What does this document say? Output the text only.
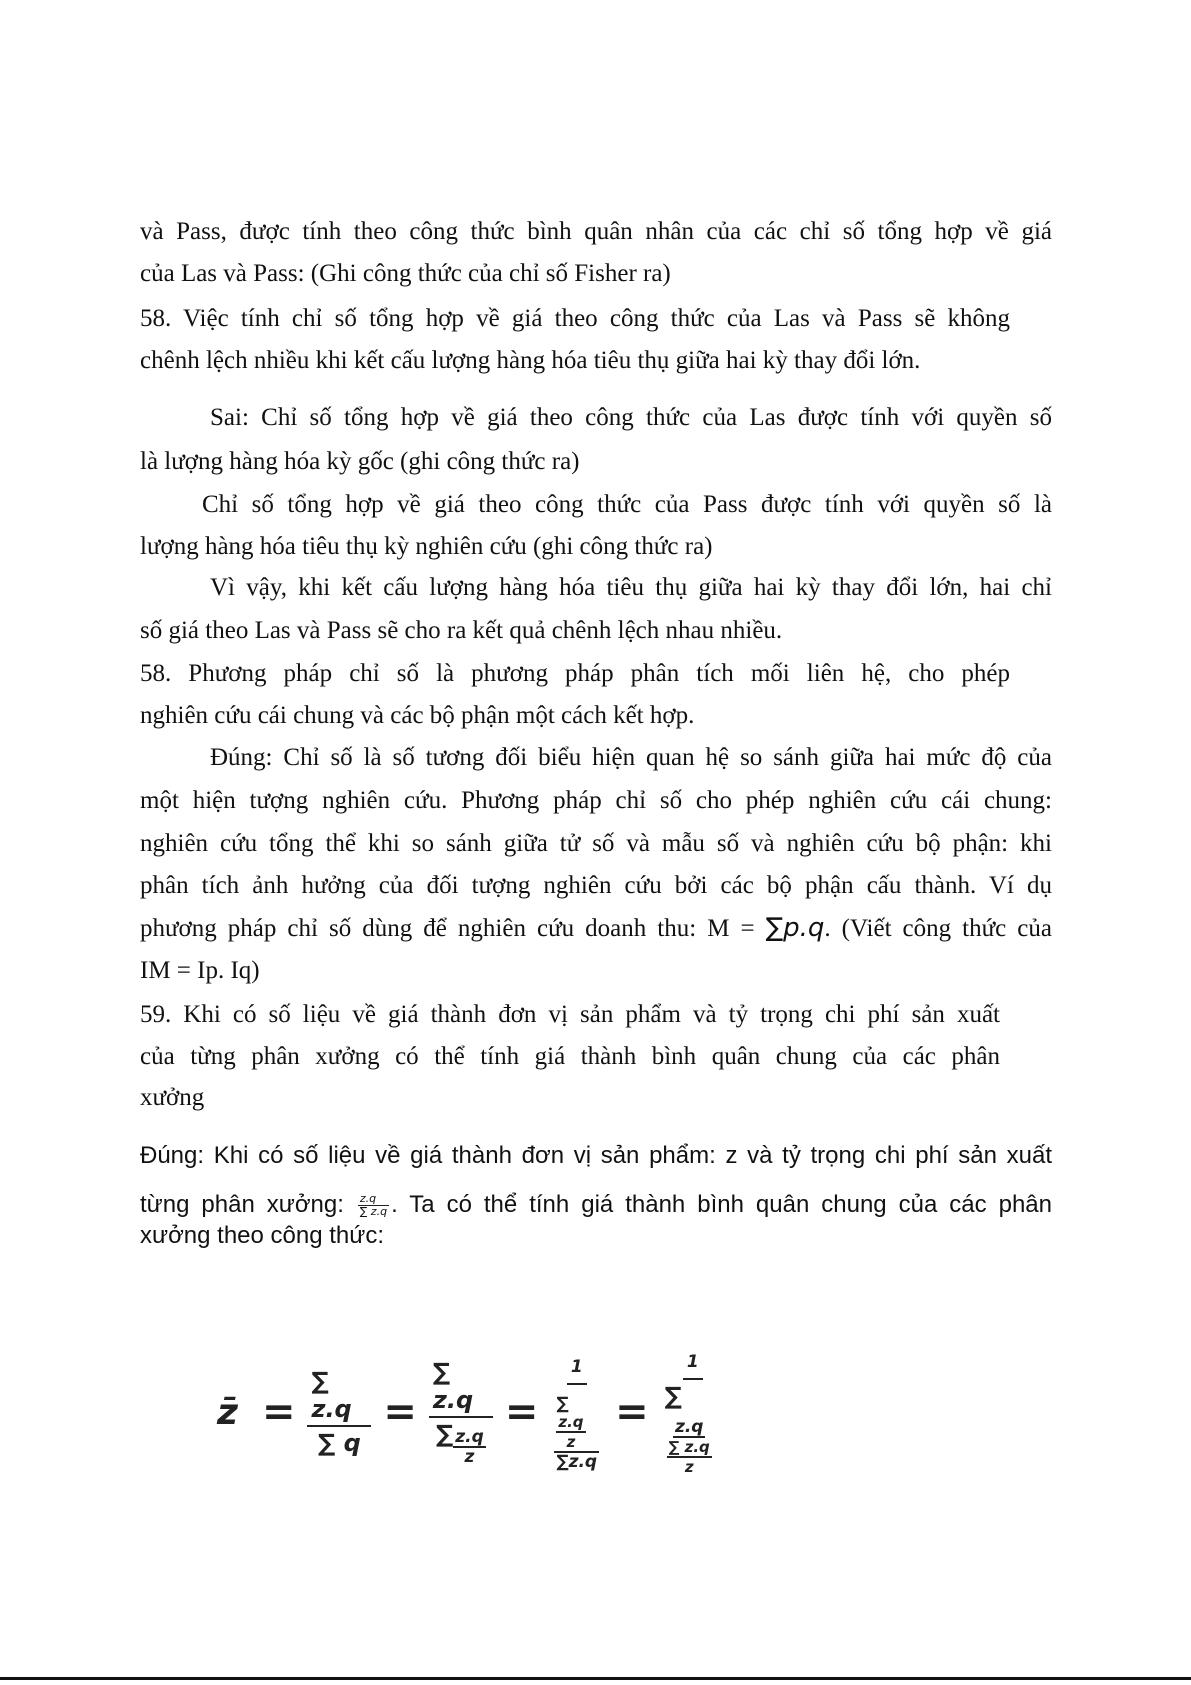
và Pass, được tính theo công thức bình quân nhân của các chỉ số tổng hợp về giá

của Las và Pass: (Ghi công thức của chỉ số Fisher ra)

58. Việc tính chỉ số tổng hợp về giá theo công thức của Las và Pass sẽ không

chênh lệch nhiều khi kết cấu lượng hàng hóa tiêu thụ giữa hai kỳ thay đổi lớn.

Sai: Chỉ số tổng hợp về giá theo công thức của Las được tính với quyền số

là lượng hàng hóa kỳ gốc (ghi công thức ra)

Chỉ số tổng hợp về giá theo công thức của Pass được tính với quyền số là

lượng hàng hóa tiêu thụ kỳ nghiên cứu (ghi công thức ra)

Vì vậy, khi kết cấu lượng hàng hóa tiêu thụ giữa hai kỳ thay đổi lớn, hai chỉ

số giá theo Las và Pass sẽ cho ra kết quả chênh lệch nhau nhiều.

58. Phương pháp chỉ số là phương pháp phân tích mối liên hệ, cho phép

nghiên cứu cái chung và các bộ phận một cách kết hợp.

Đúng: Chỉ số là số tương đối biểu hiện quan hệ so sánh giữa hai mức độ của

một hiện tượng nghiên cứu. Phương pháp chỉ số cho phép nghiên cứu cái chung:

nghiên cứu tổng thể khi so sánh giữa tử số và mẫu số và nghiên cứu bộ phận: khi

phân tích ảnh hưởng của đối tượng nghiên cứu bởi các bộ phận cấu thành. Ví dụ

phương pháp chỉ số dùng để nghiên cứu doanh thu: M = ∑p.q. (Viết công thức của

IM = Ip. Iq)

59. Khi có số liệu về giá thành đơn vị sản phẩm và tỷ trọng chi phí sản xuất

của từng phân xưởng có thể tính giá thành bình quân chung của các phân

xưởng

Đúng: Khi có số liệu về giá thành đơn vị sản phẩm: z và tỷ trọng chi phí sản xuất

từng phân xưởng: $\frac{z.q}{\sum z.q}$ . Ta có thể tính giá thành bình quân chung của các phân

xưởng theo công thức:

z̄ = $\frac{\sum z.q}{\sum q} = \frac{\sum z.q}{\sum \frac{z.q}{z}} = 1$
∑
$\frac{z.q}{z}$
∑z.q = 1
∑
$\frac{z.q}{\frac{\sum z.q}{z}}$
